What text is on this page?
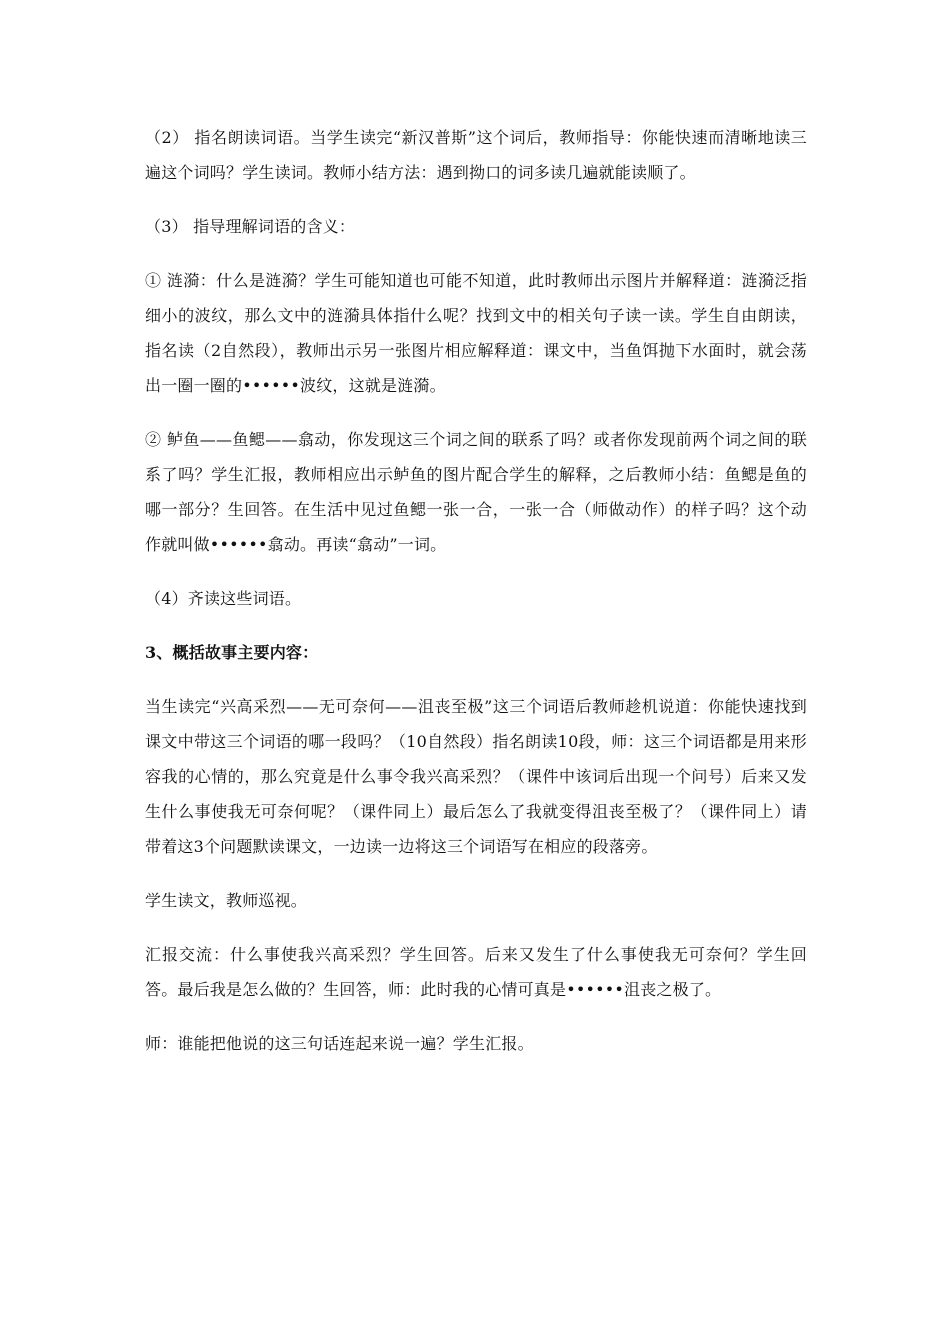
（2） 指名朗读词语。当学生读完“新汉普斯”这个词后，教师指导：你能快速而清晰地读三遍这个词吗？学生读词。教师小结方法：遇到拗口的词多读几遍就能读顺了。

（3） 指导理解词语的含义：

① 涟漪：什么是涟漪？学生可能知道也可能不知道，此时教师出示图片并解释道：涟漪泛指细小的波纹，那么文中的涟漪具体指什么呢？找到文中的相关句子读一读。学生自由朗读，指名读（2自然段），教师出示另一张图片相应解释道：课文中，当鱼饵抛下水面时，就会荡出一圈一圈的••••••波纹，这就是涟漪。

② 鲈鱼——鱼鳃——翕动，你发现这三个词之间的联系了吗？或者你发现前两个词之间的联系了吗？学生汇报，教师相应出示鲈鱼的图片配合学生的解释，之后教师小结：鱼鳃是鱼的哪一部分？生回答。在生活中见过鱼鳃一张一合，一张一合（师做动作）的样子吗？这个动作就叫做••••••翕动。再读“翕动”一词。

（4）齐读这些词语。

3、概括故事主要内容：

当生读完“兴高采烈——无可奈何——沮丧至极”这三个词语后教师趁机说道：你能快速找到课文中带这三个词语的哪一段吗？（10自然段）指名朗读10段，师：这三个词语都是用来形容我的心情的，那么究竟是什么事令我兴高采烈？（课件中该词后出现一个问号）后来又发生什么事使我无可奈何呢？（课件同上）最后怎么了我就变得沮丧至极了？（课件同上）请带着这3个问题默读课文，一边读一边将这三个词语写在相应的段落旁。

学生读文，教师巡视。

汇报交流：什么事使我兴高采烈？学生回答。后来又发生了什么事使我无可奈何？学生回答。最后我是怎么做的？生回答，师：此时我的心情可真是••••••沮丧之极了。

师：谁能把他说的这三句话连起来说一遍？学生汇报。
